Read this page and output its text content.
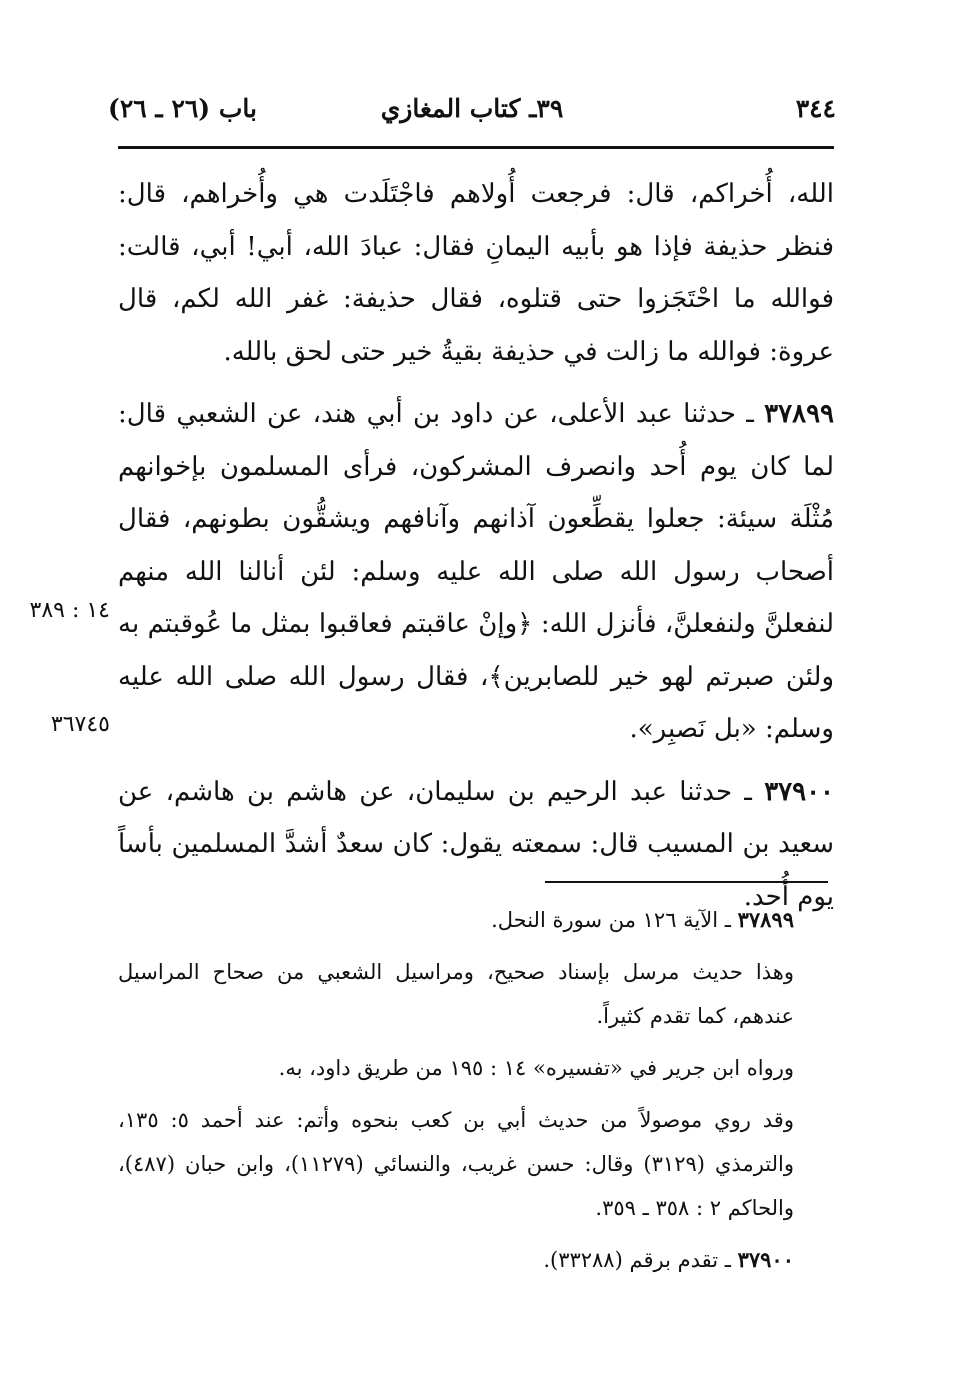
٣٤٤
٣٩ـ كتاب المغازي
باب (٢٦ ـ ٢٦)

الله، أُخراكم، قال: فرجعت أُولاهم فاجْتَلَدت هي وأُخراهم، قال: فنظر حذيفة فإذا هو بأبيه اليمانِ فقال: عبادَ الله، أبي! أبي، قالت: فوالله ما احْتَجَزوا حتى قتلوه، فقال حذيفة: غفر الله لكم، قال عروة: فوالله ما زالت في حذيفة بقيةُ خير حتى لحق بالله.

٣٧٨٩٩ ـ حدثنا عبد الأعلى، عن داود بن أبي هند، عن الشعبي قال: لما كان يوم أُحد وانصرف المشركون، فرأى المسلمون بإخوانهم مُثْلَة سيئة: جعلوا يقطِّعون آذانهم وآنافهم ويشقُّون بطونهم، فقال أصحاب رسول الله صلى الله عليه وسلم: لئن أنالنا الله منهم لنفعلنَّ ولنفعلنَّ، فأنزل الله: ﴿وإنْ عاقبتم فعاقبوا بمثل ما عُوقبتم به ولئن صبرتم لهو خير للصابرين﴾، فقال رسول الله صلى الله عليه وسلم: «بل نَصبِر».

٣٧٩٠٠ ـ حدثنا عبد الرحيم بن سليمان، عن هاشم بن هاشم، عن سعيد بن المسيب قال: سمعته يقول: كان سعدٌ أشدَّ المسلمين بأساً يوم أُحد.

١٤ : ٣٨٩
٣٦٧٤٥

٣٧٨٩٩ ـ الآية ١٢٦ من سورة النحل.

وهذا حديث مرسل بإسناد صحيح، ومراسيل الشعبي من صحاح المراسيل عندهم، كما تقدم كثيراً.

ورواه ابن جرير في «تفسيره» ١٤ : ١٩٥ من طريق داود، به.

وقد روي موصولاً من حديث أبي بن كعب بنحوه وأتم: عند أحمد ٥: ١٣٥، والترمذي (٣١٢٩) وقال: حسن غريب، والنسائي (١١٢٧٩)، وابن حبان (٤٨٧)، والحاكم ٢ : ٣٥٨ ـ ٣٥٩.

٣٧٩٠٠ ـ تقدم برقم (٣٣٢٨٨).
